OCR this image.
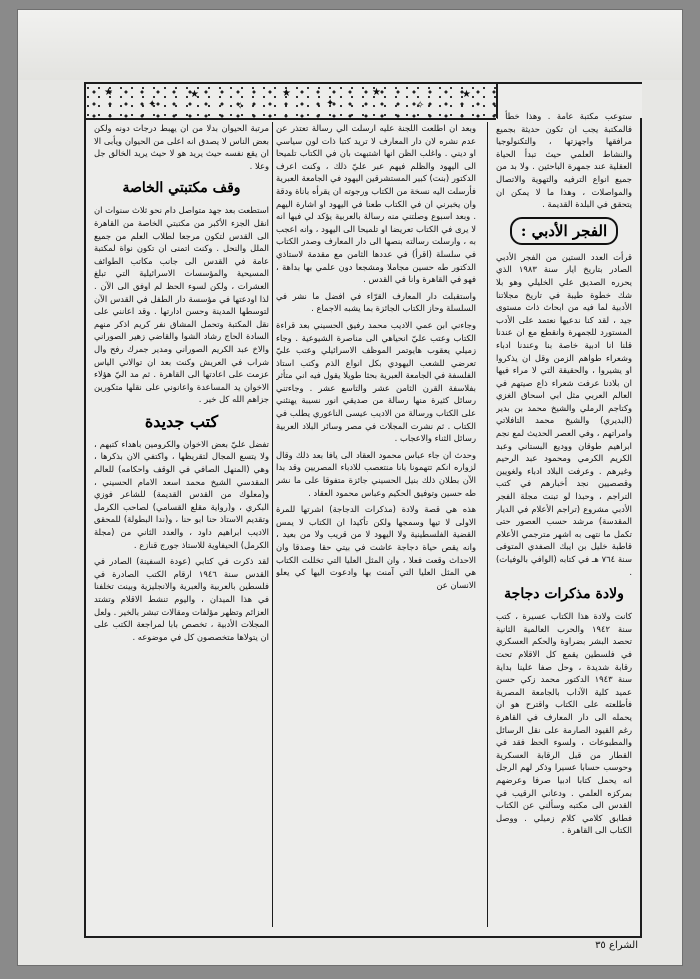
★
✦
★
✧
★
✦
★
✧
★

ستوعب مكتبة عامة . وهذا خطأ . فالمكتبة يجب ان تكون حديثة بجميع مرافقها واجهزتها ، والتكنولوجيا والنشاط العلمي حيث تبدأ الحياة العقلية عند جمهرة الباحثين . ولا بد من جميع انواع الترفيه والتهوية والاتصال والمواصلات ، وهذا ما لا يمكن ان يتحقق في البلدة القديمة .

الفجر الأدبي :

قرأت العدد الستين من الفجر الأدبي الصادر بتاريخ ايار سنة ١٩٨٣ الذي يحرره الصديق علي الخليلي وهو بلا شك خطوة طيبة في تاريخ مجلاتنا الأدبية لما فيه من ابحاث ذات مستوى جيد ، لقد كنا ندعيها نعتمد على الأدب المستورد للجمهرة وانقطع مع ان عندنا قلنا انا ادبية خاصة بنا وعندنا ادباء وشعراء طواهم الزمن وقل ان يذكروا او يشيروا ، والحقيقة التي لا مراء فيها ان بلادنا عرفت شعراء ذاع صيتهم في العالم العربي مثل ابي اسحاق الغزي وكتاجم الرملي والشيخ محمد بن بدير (البديري) والشيخ محمد التافلاتي وامراتهم ، وفي العصر الحديث لمع نجم ابراهيم طوقان ووديع البستاني وعبد الكريم الكرمي ومحمود عبد الرحيم وغيرهم . وعرفت البلاد ادباء ولغويين وقصصيين نجد أخبارهم في كتب التراجم ، وحبذا لو تبنت مجلة الفجر الأدبي مشروع (تراجم الأعلام في الديار المقدسة) مرشد حسب العصور حتى تكمل ما نتهى به اشهر مترجمي الأعلام قاطبة خليل بن ايبك الصفدي المتوفى سنة ٧٦٤ هـ في كتابه (الوافي بالوفيات) .

ولادة مذكرات دجاجة

كانت ولادة هذا الكتاب عسيرة ، كتب سنة ١٩٤٢ والحرب العالمية الثانية تحصد البشر بضراوة والحكم العسكري في فلسطين يقمع كل الاقلام تحت رقابة شديدة ، وحل صفا علينا بداية سنة ١٩٤٣ الدكتور محمد زكي حسن عميد كلية الآداب بالجامعة المصرية فأطلعته على الكتاب واقترح هو ان يحمله الى دار المعارف في القاهرة رغم القيود الصارمة على نقل الرسائل والمطبوعات ، ولسوء الحظ فقد في القطار من قبل الرقابة العسكرية وحوسب حسابا عسيرا وذكر لهم الرجل انه يحمل كتابا ادبيا صرفا وعرضهم بمركزه العلمي . ودعاني الرقيب في القدس الى مكتبه وسألني عن الكتاب فطابق كلامي كلام زميلي . ووصل الكتاب الى القاهرة .

وبعد ان اطلعت اللجنة عليه ارسلت الي رسالة تعتذر عن عدم نشره لان دار المعارف لا تريد كتبا ذات لون سياسي او ديني . واغلب الظن انها اشتبهت بان في الكتاب تلميحا الى اليهود والظلم فيهم عبر عليّ ذلك ، وكنت اعرف الدكتور (بنت) كبير المستشرقين اليهود في الجامعة العبرية فأرسلت اليه نسخة من الكتاب ورجوته ان يقرأه باناة ودقة وان يخبرني ان في الكتاب طعنا في اليهود او اشارة اليهم . وبعد اسبوع وصلتني منه رسالة بالعربية يؤكد لي فيها انه لا يرى في الكتاب تعريضا او تلميحا الى اليهود ، وانه اعجب به ، وارسلت رسالته بنصها الى دار المعارف وصدر الكتاب في سلسلة (اقرأ) في عددها الثامن مع مقدمة لاستاذي الدكتور طه حسين مجاملا ومشجعا دون علمي بها بداهة ، فهو في القاهرة وانا في القدس .

واستقبلت دار المعارف القرّاء في افضل ما نشر في السلسلة وحاز الكتاب الجائزة بما يشبه الاجماع .

وجاءني ابن عمي الاديب محمد رفيق الحسيني بعد قراءة الكتاب وعتب عليّ انحياهي الى مناصرة الشيوعية . وجاء زميلي يعقوب هايوتمر الموظف الاسرائيلي وعتب عليّ تعرضي للشعب اليهودي بكل انواع الذم وكتب استاذ الفلسفة في الجامعة العبرية بحثا طويلا يقول فيه اني متأثر بفلاسفة القرن الثامن عشر والتاسع عشر . وجاءتني رسائل كثيرة منها رسالة من صديقي انور نسيبة يهنئني على الكتاب ورسالة من الاديب عيسى الناعوري يطلب في الكتاب . ثم نشرت المجلات في مصر وسائر البلاد العربية رسائل الثناء والاعجاب .

وحدث ان جاء عباس محمود العقاد الى يافا بعد ذلك وقال لزواره انكم تتهمونا بانا منتعصب للادباء المصريين وقد بدا الآن بطلان ذلك بنيل الحسيني جائزة متفوقا على ما نشر طه حسين وتوفيق الحكيم وعباس محمود العقاد .

هذه هي قصة ولادة (مذكرات الدجاجة) اشرتها للمرة الاولى لا تيها وسمجها ولكن تأكيدا ان الكتاب لا يمس القضية الفلسطينية ولا اليهود لا من قريب ولا من بعيد ، وانه يقص حياة دجاجة عاشت في بيتي حقا وصدقا وان الاحداث وقعت فعلا ، وان المثل العليا التي تخللت الكتاب هي المثل العليا التي آمنت بها وادعوت اليها كي يعلو الانسان عن

مرتبة الحيوان بدلا من ان يهبط درجات دونه ولكن بعض الناس لا يصدق انه اعلى من الحيوان ويأبى الا ان يقع نفسه حيث يريد هو لا حيث يريد الخالق جل وعلا .

وقف مكتبتي الخاصة

استطعت بعد جهد متواصل دام نحو ثلاث سنوات ان انقل الجزء الأكبر من مكتبتي الخاصة من القاهرة الى القدس لتكون مرجعا لطلاب العلم من جميع الملل والنحل . وكنت اتمنى ان تكون نواة لمكتبة عامة في القدس الى جانب مكاتب الطوائف المسيحية والمؤسسات الاسرائيلية التي تبلغ العشرات ، ولكن لسوء الحظ لم اوفق الى الآن . لذا اودعتها في مؤسسة دار الطفل في القدس الآن لتوسطها المدينة وحسن ادارتها . وقد اعانني على نقل المكتبة وتحمل المشاق نفر كريم اذكر منهم السادة الحاج رشاد الشوا والقاضي زهير الصوراني والاخ عبد الكريم الصوراني ومدير جمرك رفح وال شراب في العريش وكنت بعد ان توالاني الياس عزمت على اعادتها الى القاهرة . ثم مد اليّ هؤلاء الاخوان يد المساعدة واعانوني على نقلها متكورين جزاهم الله كل خير .

كتب جديدة

تفضل عليّ بعض الاخوان والكرومين باهداء كتبهم ، ولا يتسع المجال لتقريظها ، واكتفي الان بذكرها ، وهي (المنهل الصافي في الوقف واحكامه) للعالم المقدسي الشيخ محمد اسعد الامام الحسيني ، و(معلوك من القدس القديمة) للشاعر فوزي البكري ، و(رواية مقلع القسامي) لصاحب الكرمل وتقديم الاستاذ حنا ابو حنا ، و(ندا البطولة) للمحقق الاديب ابراهيم داود ، والعدد الثاني من (مجلة الكرمل) الحيفاوية للاستاذ جورج قنازع .

لقد ذكرت في كتابي (عودة السفينة) الصادر في القدس سنة ١٩٤٦ ارقام الكتب الصادرة في فلسطين بالعربية والعبرية والانجليزية وبينت تخلفنا في هذا الميدان ، واليوم تنشط الاقلام وتشتد العزائم وتظهر مؤلفات ومقالات تبشر بالخير . ولعل المجلات الأدبية ، تخصص بابا لمراجعة الكتب على ان يتولاها متخصصون كل في موضوعه .

الشراع ٣٥
